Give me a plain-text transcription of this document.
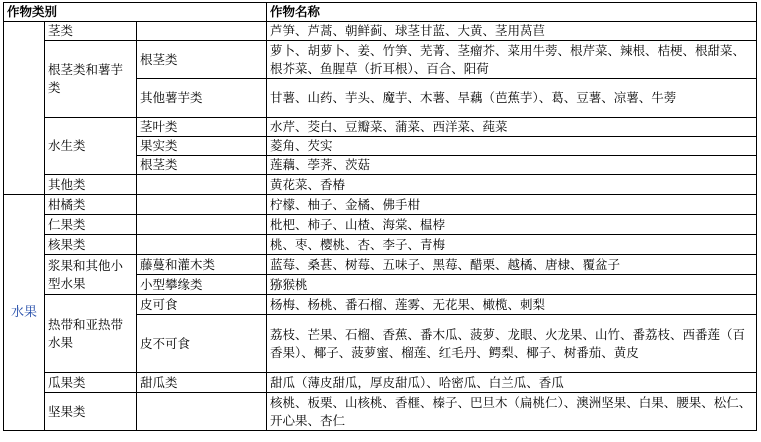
作物类别			作物名称
	茎类		芦笋、芦蒿、朝鲜蓟、球茎甘蓝、大黄、茎用莴苣
	根茎类和薯芋类	根茎类	萝卜、胡萝卜、姜、竹笋、芜菁、茎瘤芥、菜用牛蒡、根芹菜、辣根、桔梗、根甜菜、根芥菜、鱼腥草（折耳根）、百合、阳荷
		其他薯芋类	甘薯、山药、芋头、魔芋、木薯、旱藕（芭蕉芋）、葛、豆薯、凉薯、牛蒡
	水生类	茎叶类	水芹、茭白、豆瓣菜、蒲菜、西洋菜、莼菜
		果实类	菱角、芡实
		根茎类	莲藕、荸荠、茨菇
	其他类		黄花菜、香椿
水果	柑橘类		柠檬、柚子、金橘、佛手柑
	仁果类		枇杷、柿子、山楂、海棠、榅桲
	核果类		桃、枣、樱桃、杏、李子、青梅
	浆果和其他小型水果	藤蔓和灌木类	蓝莓、桑葚、树莓、五味子、黑莓、醋栗、越橘、唐棣、覆盆子
		小型攀缘类	猕猴桃
	热带和亚热带水果	皮可食	杨梅、杨桃、番石榴、莲雾、无花果、橄榄、刺梨
		皮不可食	荔枝、芒果、石榴、香蕉、番木瓜、菠萝、龙眼、火龙果、山竹、番荔枝、西番莲（百香果）、椰子、菠萝蜜、榴莲、红毛丹、鳄梨、椰子、树番茄、黄皮
	瓜果类	甜瓜类	甜瓜（薄皮甜瓜，厚皮甜瓜）、哈密瓜、白兰瓜、香瓜
	坚果类		核桃、板栗、山核桃、香榧、榛子、巴旦木（扁桃仁）、澳洲坚果、白果、腰果、松仁、开心果、杏仁
